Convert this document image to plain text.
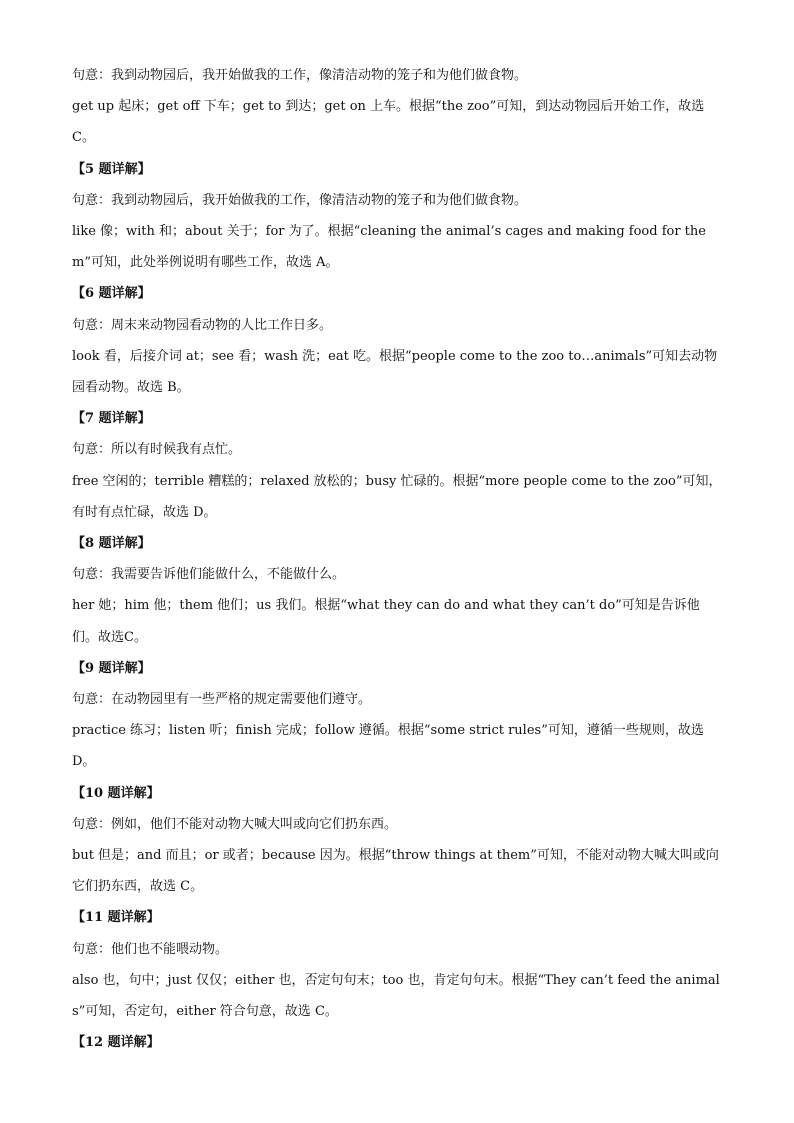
句意：我到动物园后，我开始做我的工作，像清洁动物的笼子和为他们做食物。

get up 起床；get off 下车；get to 到达；get on 上车。根据“the zoo”可知，到达动物园后开始工作，故选C。

【5 题详解】

句意：我到动物园后，我开始做我的工作，像清洁动物的笼子和为他们做食物。

like 像；with 和；about 关于；for 为了。根据“cleaning the animal’s cages and making food for them”可知，此处举例说明有哪些工作，故选 A。

【6 题详解】

句意：周末来动物园看动物的人比工作日多。

look 看，后接介词 at；see 看；wash 洗；eat 吃。根据“people come to the zoo to…animals”可知去动物园看动物。故选 B。

【7 题详解】

句意：所以有时候我有点忙。

free 空闲的；terrible 糟糕的；relaxed 放松的；busy 忙碌的。根据“more people come to the zoo”可知，有时有点忙碌，故选 D。

【8 题详解】

句意：我需要告诉他们能做什么，不能做什么。

her 她；him 他；them 他们；us 我们。根据“what they can do and what they can’t do”可知是告诉他们。故选C。

【9 题详解】

句意：在动物园里有一些严格的规定需要他们遵守。

practice 练习；listen 听；finish 完成；follow 遵循。根据“some strict rules”可知，遵循一些规则，故选 D。

【10 题详解】

句意：例如，他们不能对动物大喊大叫或向它们扔东西。

but 但是；and 而且；or 或者；because 因为。根据“throw things at them”可知，不能对动物大喊大叫或向它们扔东西，故选 C。

【11 题详解】

句意：他们也不能喂动物。

also 也，句中；just 仅仅；either 也，否定句句末；too 也，肯定句句末。根据“They can’t feed the animals”可知，否定句，either 符合句意，故选 C。

【12 题详解】
